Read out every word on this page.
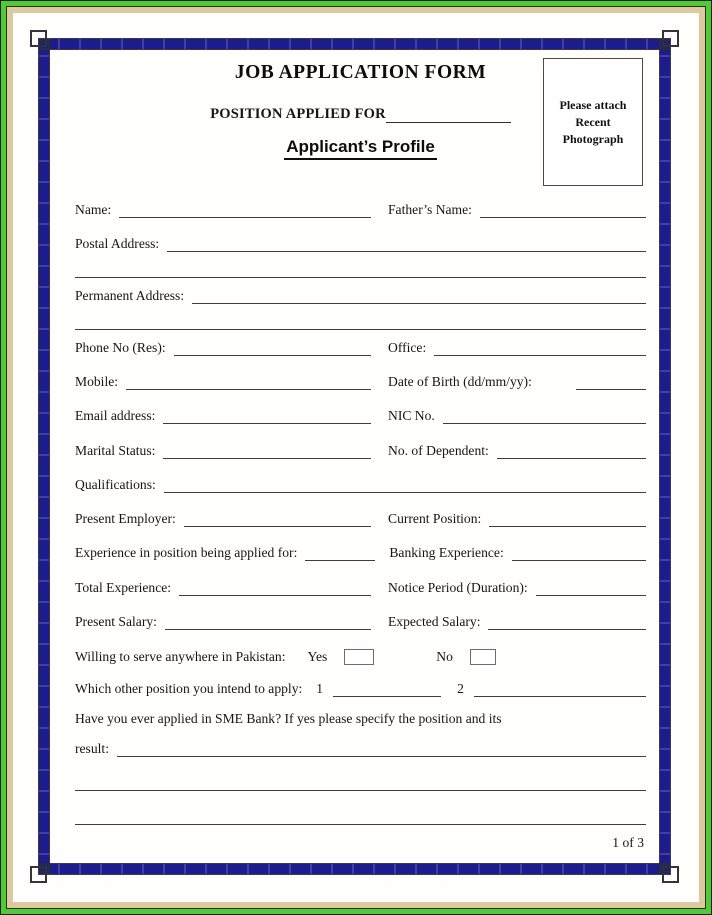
Please attach
Recent
Photograph
JOB APPLICATION FORM
POSITION APPLIED FOR
Applicant’s Profile
Name:	Father’s Name:
Postal Address:
Permanent Address:
Phone No (Res):	Office:
Mobile:	Date of Birth (dd/mm/yy):
Email address:	NIC No.
Marital Status:	No. of Dependent:
Qualifications:
Present Employer:	Current Position:
Experience in position being applied for:	Banking Experience:
Total Experience:	Notice Period (Duration):
Present Salary:	Expected Salary:
Willing to serve anywhere in Pakistan:	Yes	No
Which other position you intend to apply:	1	2
Have you ever applied in SME Bank? If yes please specify the position and its
result:
1 of 3
